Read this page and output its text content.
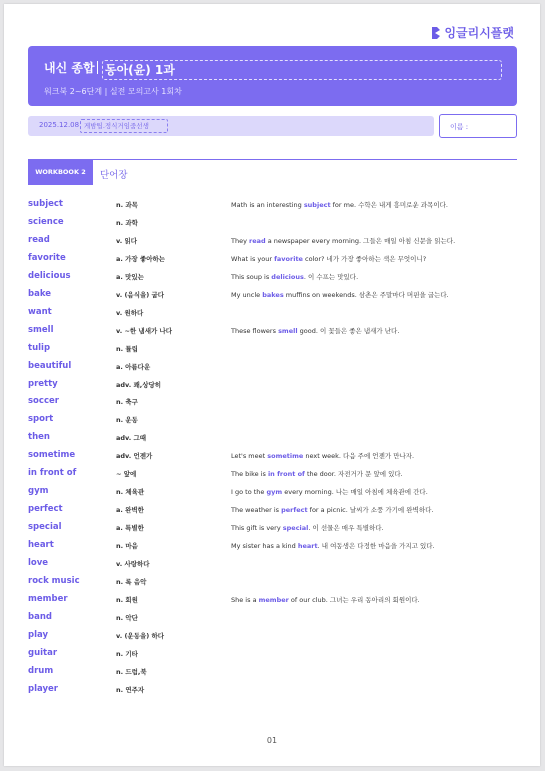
잉글리시플랫
내신 종합 동아(윤) 1과
워크북 2~6단계 | 실전 모의고사 1회차
2025.12.08 게밤팁.정식거임줌선생	이름 :
WORKBOOK 2	단어장
subject	n. 과목	Math is an interesting subject for me. 수학은 내게 흥미로운 과목이다.
science	n. 과학
read	v. 읽다	They read a newspaper every morning. 그들은 매일 아침 신문을 읽는다.
favorite	a. 가장 좋아하는	What is your favorite color? 네가 가장 좋아하는 색은 무엇이니?
delicious	a. 맛있는	This soup is delicious. 이 수프는 맛있다.
bake	v. (음식을) 굽다	My uncle bakes muffins on weekends. 삼촌은 주말마다 머핀을 굽는다.
want	v. 원하다
smell	v. ~한 냄새가 나다	These flowers smell good. 이 꽃들은 좋은 냄새가 난다.
tulip	n. 튤립
beautiful	a. 아름다운
pretty	adv. 꽤,상당히
soccer	n. 축구
sport	n. 운동
then	adv. 그때
sometime	adv. 언젠가	Let's meet sometime next week. 다음 주에 언젠가 만나자.
in front of	~ 앞에	The bike is in front of the door. 자전거가 문 앞에 있다.
gym	n. 체육관	I go to the gym every morning. 나는 매일 아침에 체육관에 간다.
perfect	a. 완벽한	The weather is perfect for a picnic. 날씨가 소풍 가기에 완벽하다.
special	a. 특별한	This gift is very special. 이 선물은 매우 특별하다.
heart	n. 마음	My sister has a kind heart. 내 여동생은 다정한 마음을 가지고 있다.
love	v. 사랑하다
rock music	n. 록 음악
member	n. 회원	She is a member of our club. 그녀는 우리 동아리의 회원이다.
band	n. 악단
play	v. (운동을) 하다
guitar	n. 기타
drum	n. 드럼,북
player	n. 연주자
01
